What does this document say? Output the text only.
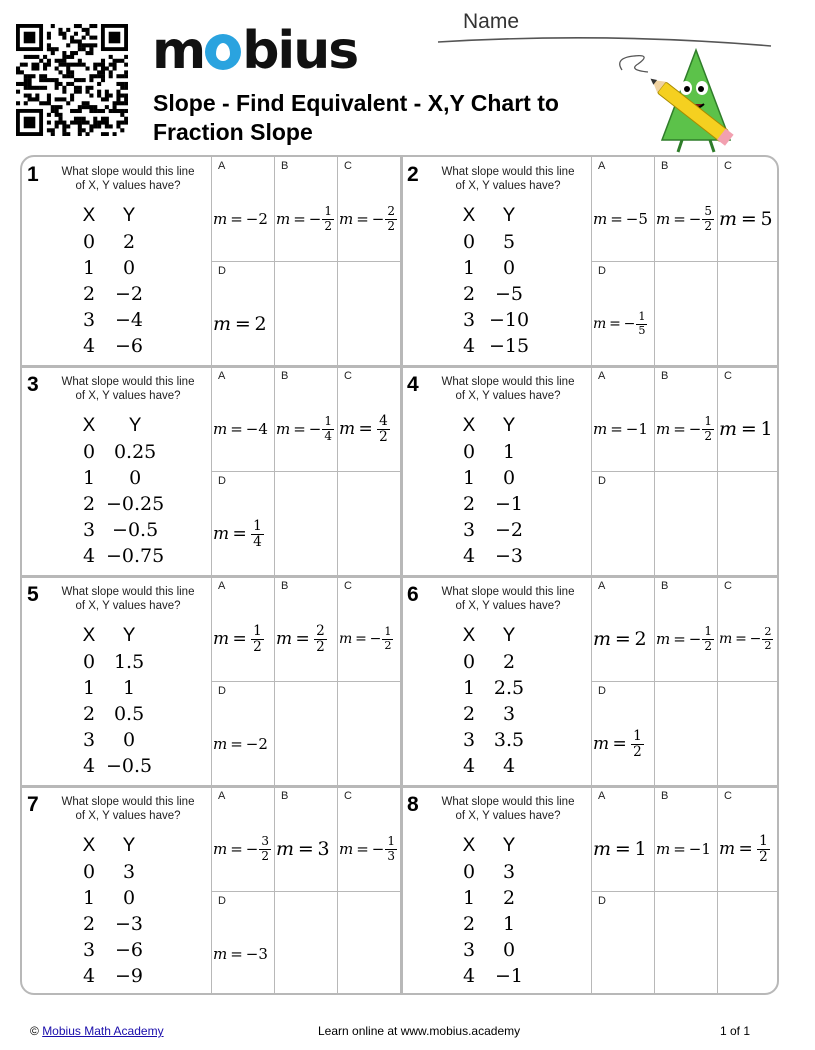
m bius
Slope - Find Equivalent - X,Y Chart to Fraction Slope
Name
1	What slope would this line of X, Y values have?
X	Y
0	2
1	0
2	−2
3	−4
4	−6
A
m  =  − 2
B
m  =  − $\frac{1}{2}$
C
m  =  − $\frac{2}{2}$
D
m  =  2
2	What slope would this line of X, Y values have?
X	Y
0	5
1	0
2	−5
3	−10
4	−15
A
m  =  − 5
B
m  =  − $\frac{5}{2}$
C
m  =  5
D
m  =  − $\frac{1}{5}$
3	What slope would this line of X, Y values have?
X	Y
0	0.25
1	0
2	−0.25
3	−0.5
4	−0.75
A
m  =  − 4
B
m  =  − $\frac{1}{4}$
C
$m = \frac{4}{2}$
D
$m = \frac{1}{4}$
4	What slope would this line of X, Y values have?
X	Y
0	1
1	0
2	−1
3	−2
4	−3
A
m  =  − 1
B
m  =  − $\frac{1}{2}$
C
m  =  1
D
5	What slope would this line of X, Y values have?
X	Y
0	1.5
1	1
2	0.5
3	0
4	−0.5
A
$m = \frac{1}{2}$
B
$m = \frac{2}{2}$
C
m  =  − $\frac{1}{2}$
D
m  =  − 2
6	What slope would this line of X, Y values have?
X	Y
0	2
1	2.5
2	3
3	3.5
4	4
A
m  =  2
B
m  =  − $\frac{1}{2}$
C
m  =  − $\frac{2}{2}$
D
$m = \frac{1}{2}$
7	What slope would this line of X, Y values have?
X	Y
0	3
1	0
2	−3
3	−6
4	−9
A
m  =  − $\frac{3}{2}$
B
m  =  3
C
m  =  − $\frac{1}{3}$
D
m  =  − 3
8	What slope would this line of X, Y values have?
X	Y
0	3
1	2
2	1
3	0
4	−1
A
m  =  1
B
m  =  − 1
C
$m = \frac{1}{2}$
D
© Mobius Math Academy	Learn online at www.mobius.academy	1 of 1
